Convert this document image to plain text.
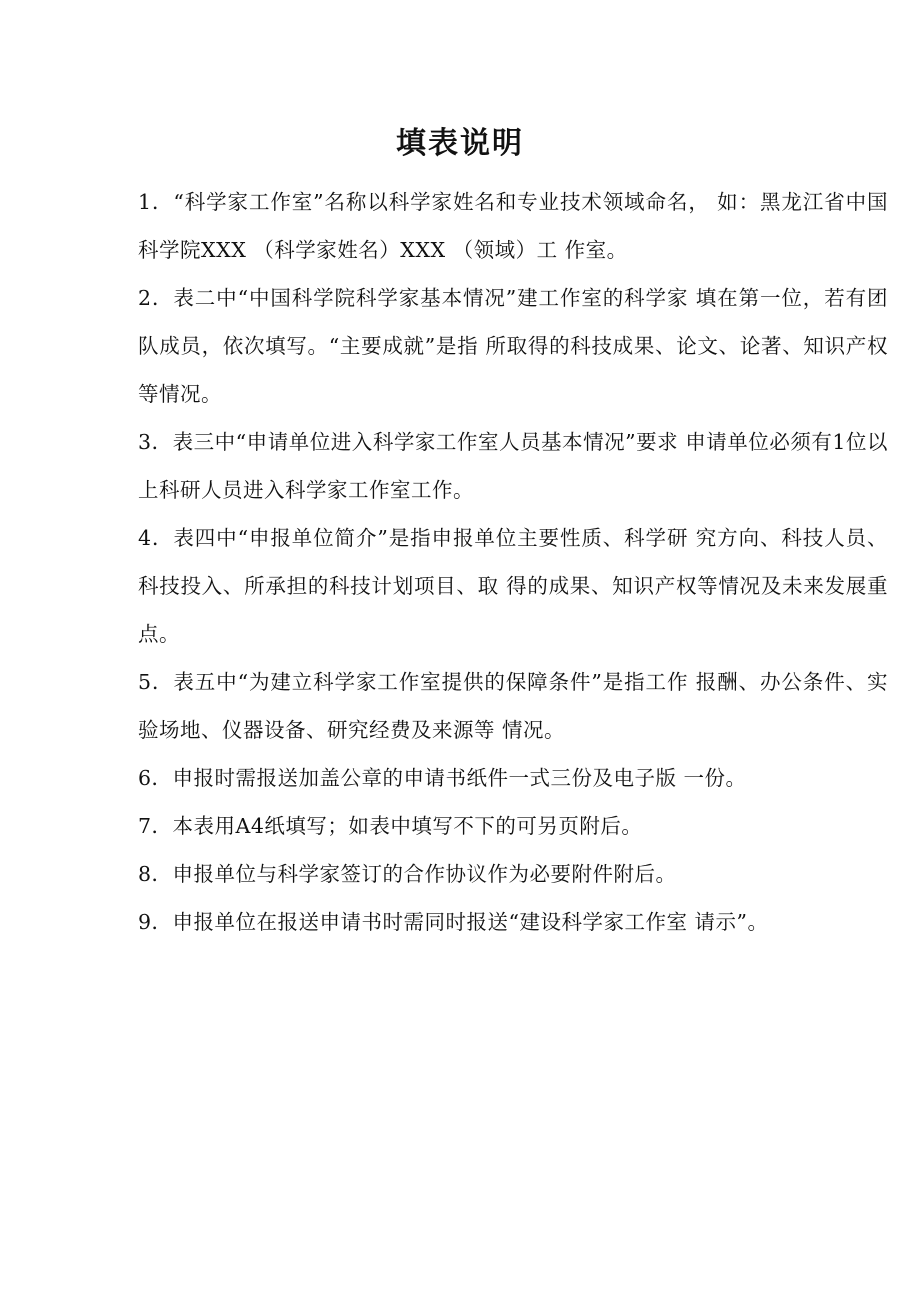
填表说明

1．“科学家工作室”名称以科学家姓名和专业技术领域命名， 如：黑龙江省中国科学院XXX （科学家姓名）XXX （领域）工 作室。

2．表二中“中国科学院科学家基本情况”建工作室的科学家 填在第一位，若有团队成员，依次填写。“主要成就”是指 所取得的科技成果、论文、论著、知识产权等情况。

3．表三中“申请单位进入科学家工作室人员基本情况”要求 申请单位必须有1位以上科研人员进入科学家工作室工作。

4．表四中“申报单位简介”是指申报单位主要性质、科学研 究方向、科技人员、科技投入、所承担的科技计划项目、取 得的成果、知识产权等情况及未来发展重点。

5．表五中“为建立科学家工作室提供的保障条件”是指工作 报酬、办公条件、实验场地、仪器设备、研究经费及来源等 情况。

6．申报时需报送加盖公章的申请书纸件一式三份及电子版 一份。

7．本表用A4纸填写；如表中填写不下的可另页附后。

8．申报单位与科学家签订的合作协议作为必要附件附后。

9．申报单位在报送申请书时需同时报送“建设科学家工作室 请示”。
